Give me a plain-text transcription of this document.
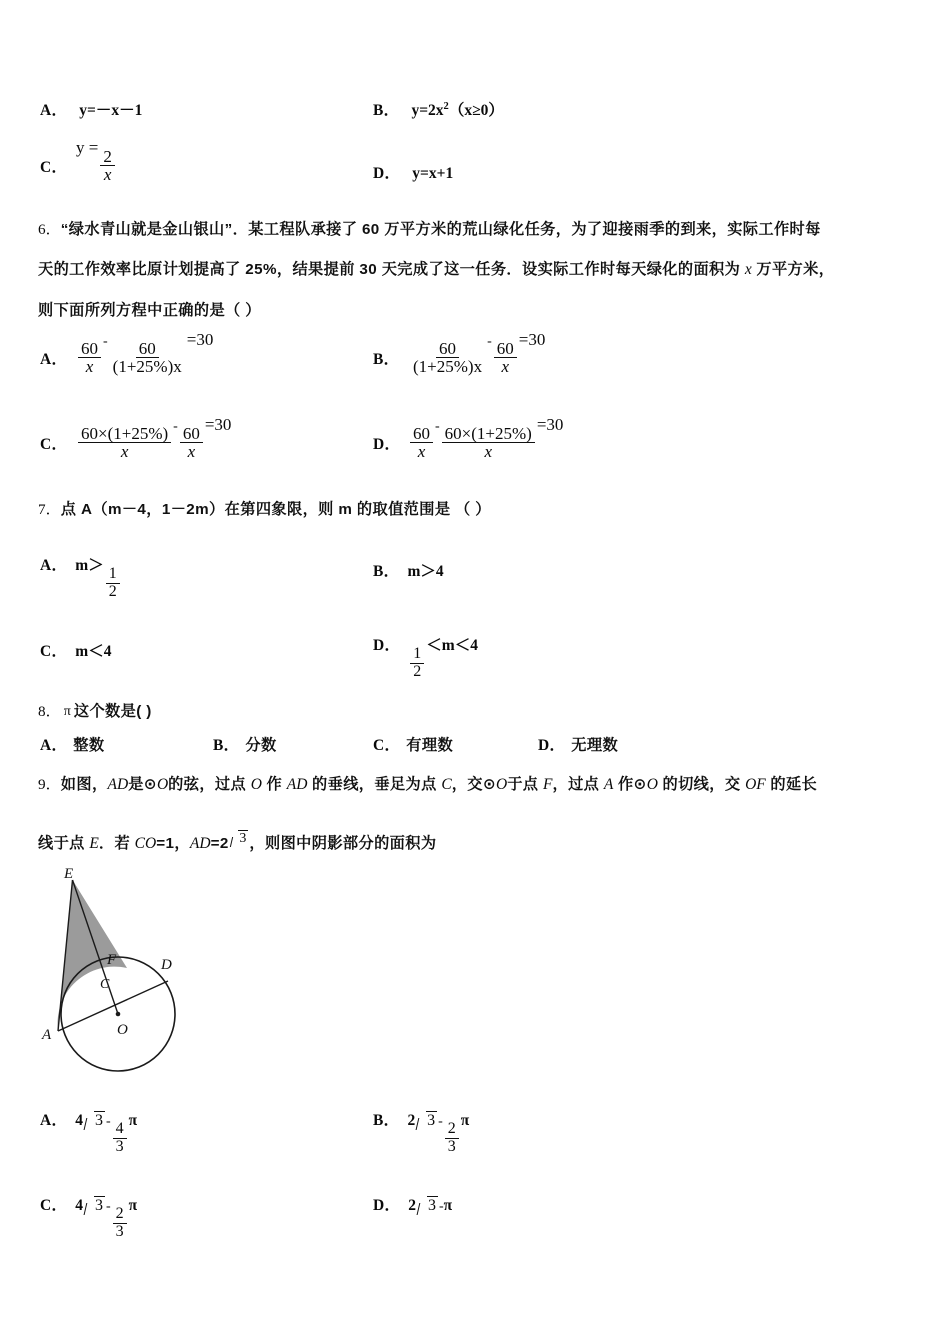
A． y=－x－1	B． $y=2x^2(x\ge 0)$
C．
y =
$\frac{2}{x}$	D． y=x+1
6．“绿水青山就是金山银山”．某工程队承接了 60 万平方米的荒山绿化任务，为了迎接雨季的到来，实际工作时每
天的工作效率比原计划提高了 25%，结果提前 30 天完成了这一任务．设实际工作时每天绿化的面积为 x 万平方米，
则下面所列方程中正确的是（ ）
A． $\frac{60}{x} - \frac{60}{(1+25\%)x}$
=30
B． $\frac{60}{(1+25\%)x} - \frac{60}{x}$
=30
C． $\frac{60\times(1+25\%)}{x} - \frac{60}{x}$
=30
D． $\frac{60}{x} - \frac{60\times(1+25\%)}{x}$
=30
7．点 A（m－4，1－2m）在第四象限，则 m 的取值范围是 （ ）
A． m＞
$\frac{1}{2}$	B． m＞4
C． m＜4	D．
$\frac{1}{2}$
＜m＜4
8． π 这个数是( )
A． 整数	B． 分数	C． 有理数	D． 无理数
9．如图，AD是⊙O的弦，过点 O 作 AD 的垂线，垂足为点 C，交⊙O于点 F，过点 A 作⊙O 的切线，交 OF 的延长
线于点 E．若 CO=1，AD=2 3 ，则图中阴影部分的面积为
E
F	D
C
A	O
A． 4 $3 - \frac{4}{3}$
π	B． 2 $3 - \frac{2}{3}$
π
C． 4 $3 - \frac{2}{3}$
π	D． 2 3 -π
